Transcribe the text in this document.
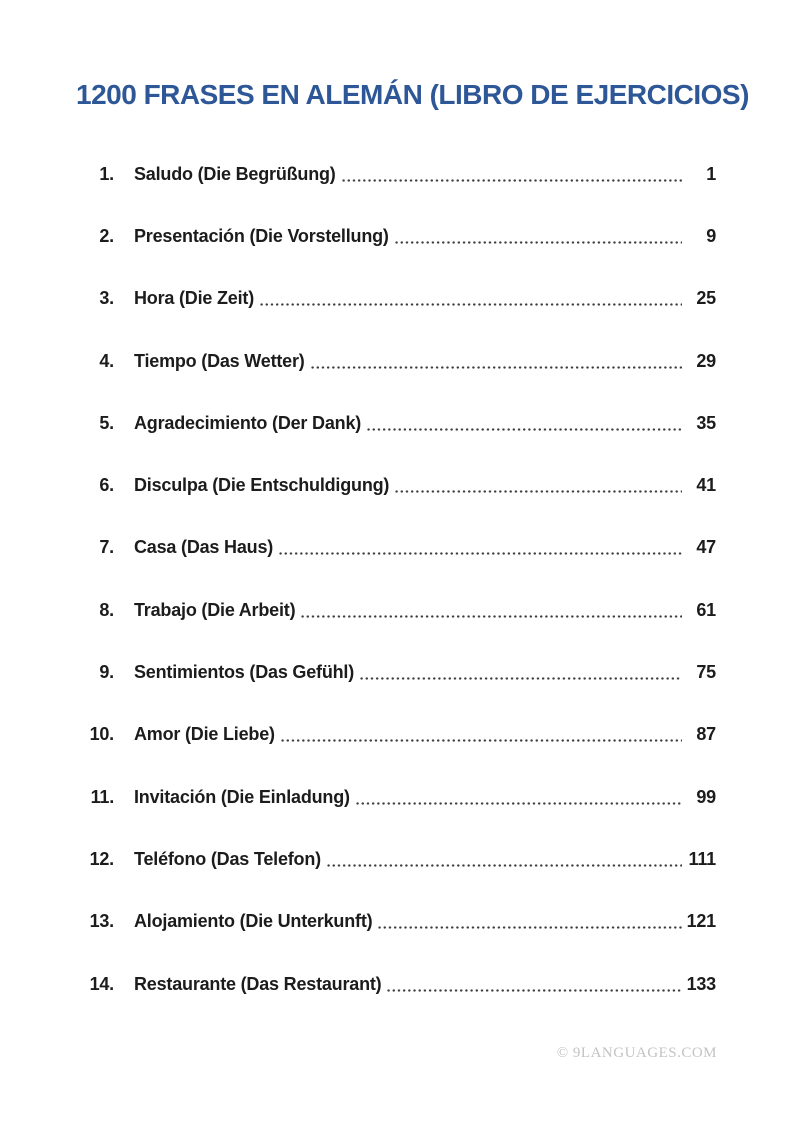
1200 FRASES EN ALEMÁN (LIBRO DE EJERCICIOS)
1. Saludo (Die Begrüßung)	1
2. Presentación (Die Vorstellung)	9
3. Hora (Die Zeit)	25
4. Tiempo (Das Wetter)	29
5. Agradecimiento (Der Dank)	35
6. Disculpa (Die Entschuldigung)	41
7. Casa (Das Haus)	47
8. Trabajo (Die Arbeit)	61
9. Sentimientos (Das Gefühl)	75
10. Amor (Die Liebe)	87
11. Invitación (Die Einladung)	99
12. Teléfono (Das Telefon)	111
13. Alojamiento (Die Unterkunft)	121
14. Restaurante (Das Restaurant)	133
© 9LANGUAGES.COM
